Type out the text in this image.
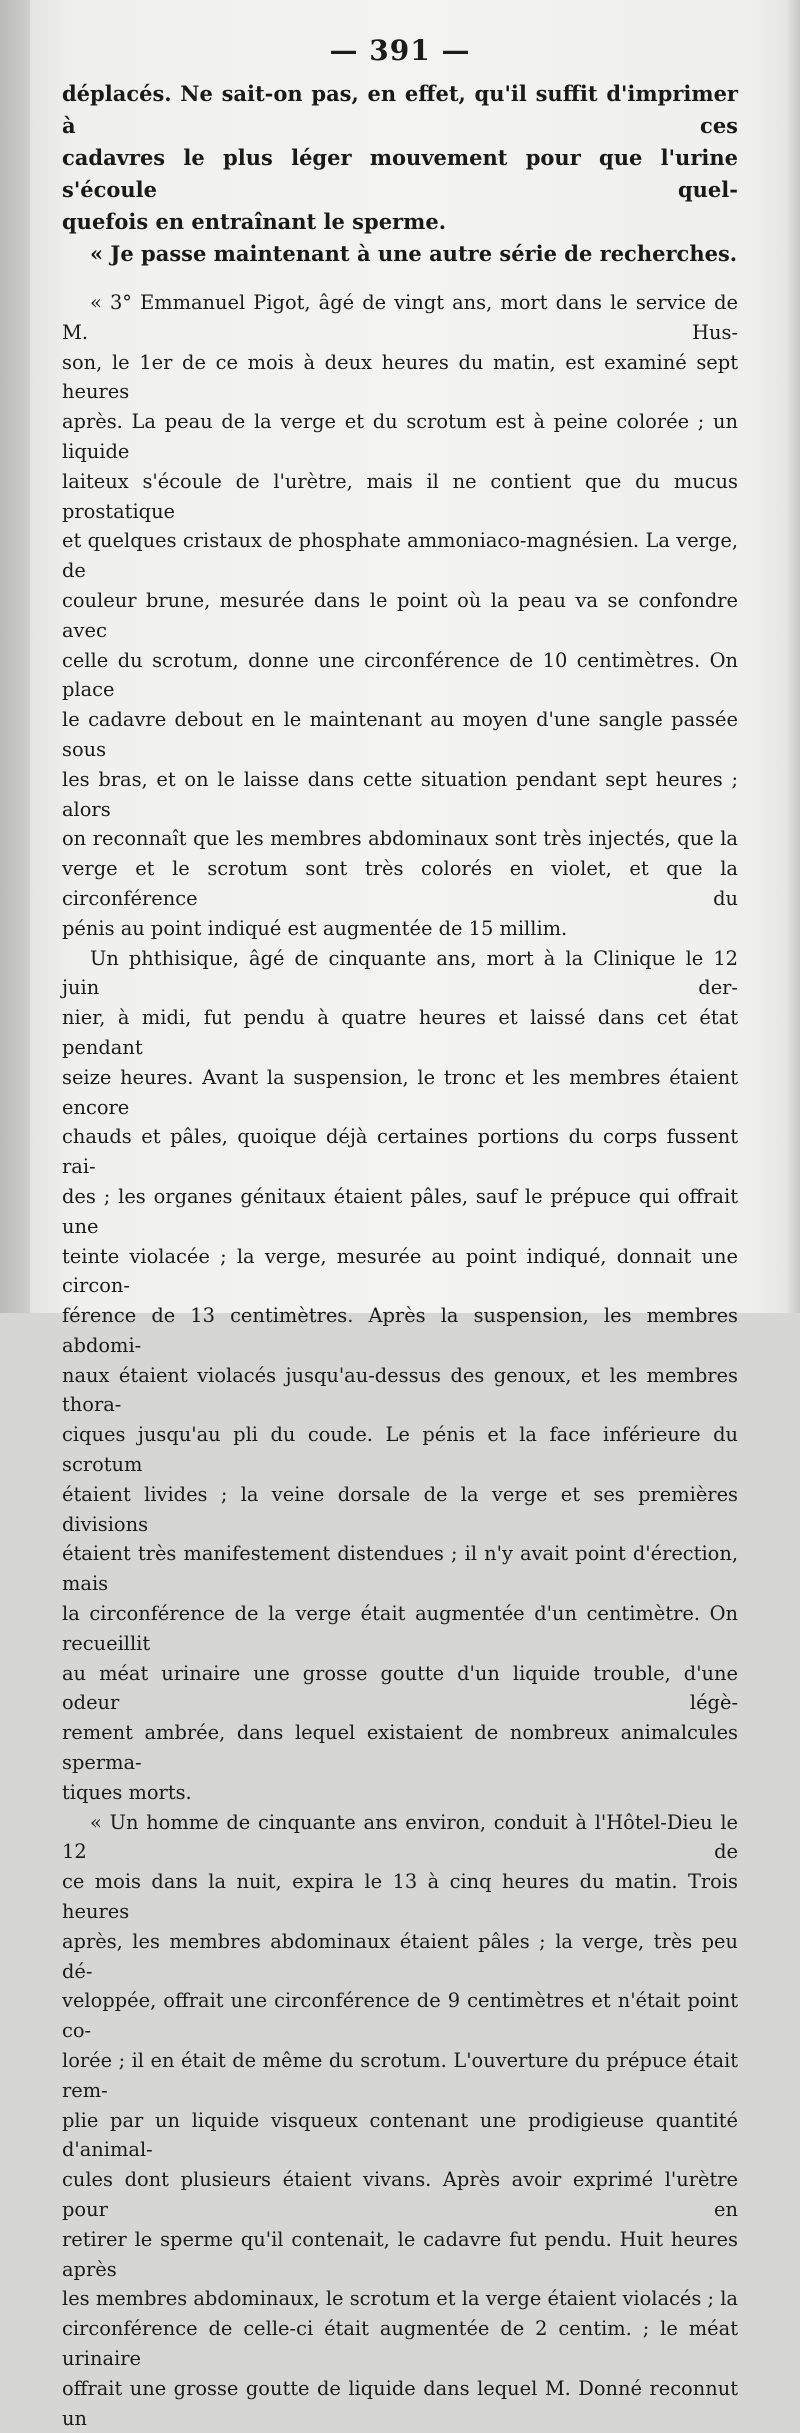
— 391 —

déplacés. Ne sait-on pas, en effet, qu'il suffit d'imprimer à ces

cadavres le plus léger mouvement pour que l'urine s'écoule quel-

quefois en entraînant le sperme.

« Je passe maintenant à une autre série de recherches.

« 3° Emmanuel Pigot, âgé de vingt ans, mort dans le service de M. Hus-

son, le 1er de ce mois à deux heures du matin, est examiné sept heures

après. La peau de la verge et du scrotum est à peine colorée ; un liquide

laiteux s'écoule de l'urètre, mais il ne contient que du mucus prostatique

et quelques cristaux de phosphate ammoniaco-magnésien. La verge, de

couleur brune, mesurée dans le point où la peau va se confondre avec

celle du scrotum, donne une circonférence de 10 centimètres. On place

le cadavre debout en le maintenant au moyen d'une sangle passée sous

les bras, et on le laisse dans cette situation pendant sept heures ; alors

on reconnaît que les membres abdominaux sont très injectés, que la

verge et le scrotum sont très colorés en violet, et que la circonférence du

pénis au point indiqué est augmentée de 15 millim.

Un phthisique, âgé de cinquante ans, mort à la Clinique le 12 juin der-

nier, à midi, fut pendu à quatre heures et laissé dans cet état pendant

seize heures. Avant la suspension, le tronc et les membres étaient encore

chauds et pâles, quoique déjà certaines portions du corps fussent rai-

des ; les organes génitaux étaient pâles, sauf le prépuce qui offrait une

teinte violacée ; la verge, mesurée au point indiqué, donnait une circon-

férence de 13 centimètres. Après la suspension, les membres abdomi-

naux étaient violacés jusqu'au-dessus des genoux, et les membres thora-

ciques jusqu'au pli du coude. Le pénis et la face inférieure du scrotum

étaient livides ; la veine dorsale de la verge et ses premières divisions

étaient très manifestement distendues ; il n'y avait point d'érection, mais

la circonférence de la verge était augmentée d'un centimètre. On recueillit

au méat urinaire une grosse goutte d'un liquide trouble, d'une odeur légè-

rement ambrée, dans lequel existaient de nombreux animalcules sperma-

tiques morts.

« Un homme de cinquante ans environ, conduit à l'Hôtel-Dieu le 12 de

ce mois dans la nuit, expira le 13 à cinq heures du matin. Trois heures

après, les membres abdominaux étaient pâles ; la verge, très peu dé-

veloppée, offrait une circonférence de 9 centimètres et n'était point co-

lorée ; il en était de même du scrotum. L'ouverture du prépuce était rem-

plie par un liquide visqueux contenant une prodigieuse quantité d'animal-

cules dont plusieurs étaient vivans. Après avoir exprimé l'urètre pour en

retirer le sperme qu'il contenait, le cadavre fut pendu. Huit heures après

les membres abdominaux, le scrotum et la verge étaient violacés ; la

circonférence de celle-ci était augmentée de 2 centim. ; le méat urinaire

offrait une grosse goutte de liquide dans lequel M. Donné reconnut un
